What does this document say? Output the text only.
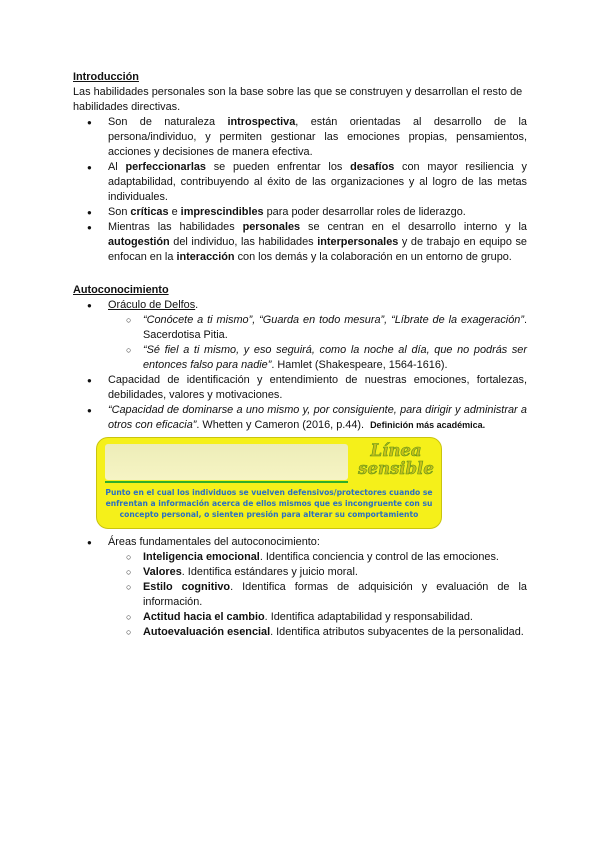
Introducción

Las habilidades personales son la base sobre las que se construyen y desarrollan el resto de habilidades directivas.

● Son de naturaleza introspectiva, están orientadas al desarrollo de la persona/individuo, y permiten gestionar las emociones propias, pensamientos, acciones y decisiones de manera efectiva.
● Al perfeccionarlas se pueden enfrentar los desafíos con mayor resiliencia y adaptabilidad, contribuyendo al éxito de las organizaciones y al logro de las metas individuales.
● Son críticas e imprescindibles para poder desarrollar roles de liderazgo.
● Mientras las habilidades personales se centran en el desarrollo interno y la autogestión del individuo, las habilidades interpersonales y de trabajo en equipo se enfocan en la interacción con los demás y la colaboración en un entorno de grupo.
Autoconocimiento
● Oráculo de Delfos.
○ “Conócete a ti mismo”, “Guarda en todo mesura”, “Líbrate de la exageración”. Sacerdotisa Pitia.
○ “Sé fiel a ti mismo, y eso seguirá, como la noche al día, que no podrás ser entonces falso para nadie”. Hamlet (Shakespeare, 1564-1616).
● Capacidad de identificación y entendimiento de nuestras emociones, fortalezas, debilidades, valores y motivaciones.
● “Capacidad de dominarse a uno mismo y, por consiguiente, para dirigir y administrar a otros con eficacia”. Whetten y Cameron (2016, p.44). Definición más académica.
Línea sensible
Punto en el cual los individuos se vuelven defensivos/protectores cuando se enfrentan a información acerca de ellos mismos que es incongruente con su concepto personal, o sienten presión para alterar su comportamiento
● Áreas fundamentales del autoconocimiento:
○ Inteligencia emocional. Identifica conciencia y control de las emociones.
○ Valores. Identifica estándares y juicio moral.
○ Estilo cognitivo. Identifica formas de adquisición y evaluación de la información.
○ Actitud hacia el cambio. Identifica adaptabilidad y responsabilidad.
○ Autoevaluación esencial. Identifica atributos subyacentes de la personalidad.
